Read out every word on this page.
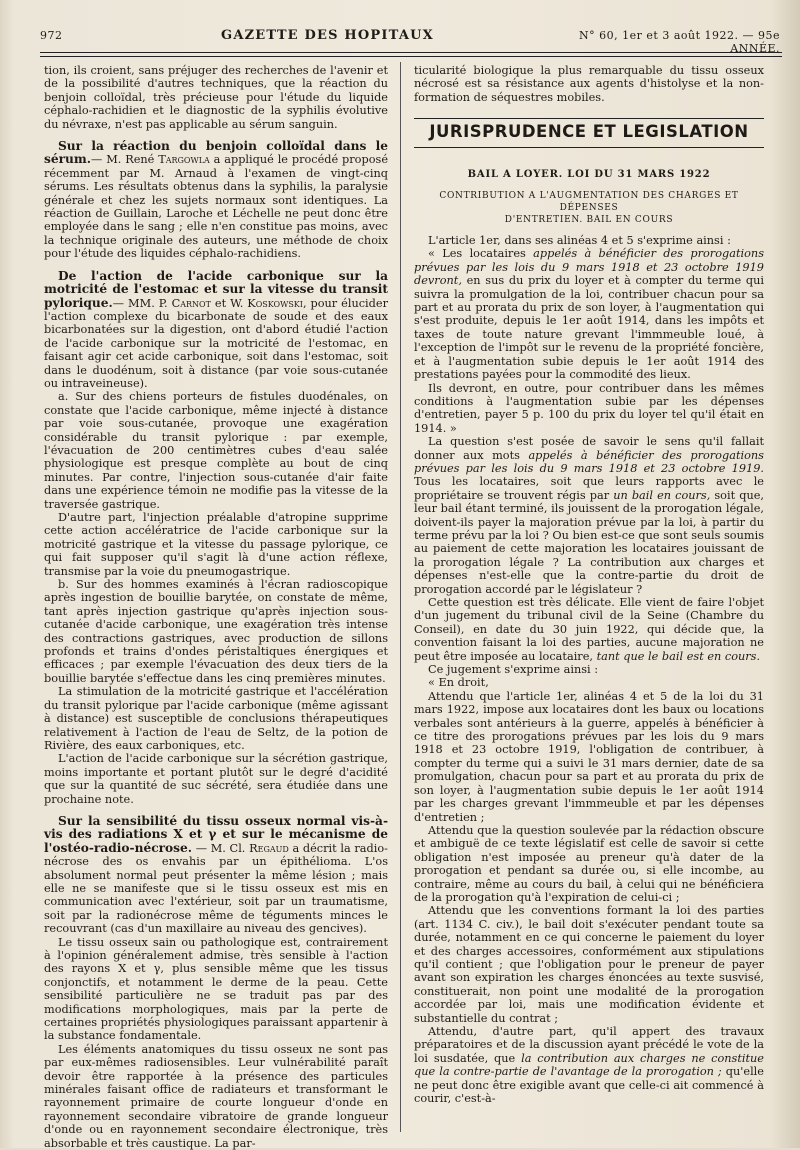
972	GAZETTE DES HOPITAUX	N° 60, 1er et 3 août 1922. — 95e ANNÉE.

tion, ils croient, sans préjuger des recherches de l'avenir et de la possibilité d'autres techniques, que la réaction du benjoin colloïdal, très précieuse pour l'étude du liquide céphalo-rachidien et le diagnostic de la syphilis évolutive du névraxe, n'est pas applicable au sérum sanguin.

Sur la réaction du benjoin colloïdal dans le sérum.— M. René Targowla a appliqué le procédé proposé récemment par M. Arnaud à l'examen de vingt-cinq sérums. Les résultats obtenus dans la syphilis, la paralysie générale et chez les sujets normaux sont identiques. La réaction de Guillain, Laroche et Léchelle ne peut donc être employée dans le sang ; elle n'en constitue pas moins, avec la technique originale des auteurs, une méthode de choix pour l'étude des liquides céphalo-rachidiens.

De l'action de l'acide carbonique sur la motricité de l'estomac et sur la vitesse du transit pylorique.— MM. P. Carnot et W. Koskowski, pour élucider l'action complexe du bicarbonate de soude et des eaux bicarbonatées sur la digestion, ont d'abord étudié l'action de l'acide carbonique sur la motricité de l'estomac, en faisant agir cet acide carbonique, soit dans l'estomac, soit dans le duodénum, soit à distance (par voie sous-cutanée ou intraveineuse).

a. Sur des chiens porteurs de fistules duodénales, on constate que l'acide carbonique, même injecté à distance par voie sous-cutanée, provoque une exagération considérable du transit pylorique : par exemple, l'évacuation de 200 centimètres cubes d'eau salée physiologique est presque complète au bout de cinq minutes. Par contre, l'injection sous-cutanée d'air faite dans une expérience témoin ne modifie pas la vitesse de la traversée gastrique.

D'autre part, l'injection préalable d'atropine supprime cette action accélératrice de l'acide carbonique sur la motricité gastrique et la vitesse du passage pylorique, ce qui fait supposer qu'il s'agit là d'une action réflexe, transmise par la voie du pneumogastrique.

b. Sur des hommes examinés à l'écran radioscopique après ingestion de bouillie barytée, on constate de même, tant après injection gastrique qu'après injection sous-cutanée d'acide carbonique, une exagération très intense des contractions gastriques, avec production de sillons profonds et trains d'ondes péristaltiques énergiques et efficaces ; par exemple l'évacuation des deux tiers de la bouillie barytée s'effectue dans les cinq premières minutes.

La stimulation de la motricité gastrique et l'accélération du transit pylorique par l'acide carbonique (même agissant à distance) est susceptible de conclusions thérapeutiques relativement à l'action de l'eau de Seltz, de la potion de Rivière, des eaux carboniques, etc.

L'action de l'acide carbonique sur la sécrétion gastrique, moins importante et portant plutôt sur le degré d'acidité que sur la quantité de suc sécrété, sera étudiée dans une prochaine note.

Sur la sensibilité du tissu osseux normal vis-à-vis des radiations X et γ et sur le mécanisme de l'ostéo-radio-nécrose. — M. Cl. Regaud a décrit la radio-nécrose des os envahis par un épithélioma. L'os absolument normal peut présenter la même lésion ; mais elle ne se manifeste que si le tissu osseux est mis en communication avec l'extérieur, soit par un traumatisme, soit par la radionécrose même de téguments minces le recouvrant (cas d'un maxillaire au niveau des gencives).

Le tissu osseux sain ou pathologique est, contrairement à l'opinion généralement admise, très sensible à l'action des rayons X et γ, plus sensible même que les tissus conjonctifs, et notamment le derme de la peau. Cette sensibilité particulière ne se traduit pas par des modifications morphologiques, mais par la perte de certaines propriétés physiologiques paraissant appartenir à la substance fondamentale.

Les éléments anatomiques du tissu osseux ne sont pas par eux-mêmes radiosensibles. Leur vulnérabilité paraît devoir être rapportée à la présence des particules minérales faisant office de radiateurs et transformant le rayonnement primaire de courte longueur d'onde en rayonnement secondaire vibratoire de grande longueur d'onde ou en rayonnement secondaire électronique, très absorbable et très caustique. La par-

ticularité biologique la plus remarquable du tissu osseux nécrosé est sa résistance aux agents d'histolyse et la non-formation de séquestres mobiles.

JURISPRUDENCE ET LEGISLATION
BAIL A LOYER. LOI DU 31 MARS 1922
CONTRIBUTION A L'AUGMENTATION DES CHARGES ET DÉPENSES
D'ENTRETIEN. BAIL EN COURS

L'article 1er, dans ses alinéas 4 et 5 s'exprime ainsi :

« Les locataires appelés à bénéficier des prorogations prévues par les lois du 9 mars 1918 et 23 octobre 1919 devront, en sus du prix du loyer et à compter du terme qui suivra la promulgation de la loi, contribuer chacun pour sa part et au prorata du prix de son loyer, à l'augmentation qui s'est produite, depuis le 1er août 1914, dans les impôts et taxes de toute nature grevant l'immmeuble loué, à l'exception de l'impôt sur le revenu de la propriété foncière, et à l'augmentation subie depuis le 1er août 1914 des prestations payées pour la commodité des lieux.

Ils devront, en outre, pour contribuer dans les mêmes conditions à l'augmentation subie par les dépenses d'entretien, payer 5 p. 100 du prix du loyer tel qu'il était en 1914. »

La question s'est posée de savoir le sens qu'il fallait donner aux mots appelés à bénéficier des prorogations prévues par les lois du 9 mars 1918 et 23 octobre 1919. Tous les locataires, soit que leurs rapports avec le propriétaire se trouvent régis par un bail en cours, soit que, leur bail étant terminé, ils jouissent de la prorogation légale, doivent-ils payer la majoration prévue par la loi, à partir du terme prévu par la loi ? Ou bien est-ce que sont seuls soumis au paiement de cette majoration les locataires jouissant de la prorogation légale ? La contribution aux charges et dépenses n'est-elle que la contre-partie du droit de prorogation accordé par le législateur ?

Cette question est très délicate. Elle vient de faire l'objet d'un jugement du tribunal civil de la Seine (Chambre du Conseil), en date du 30 juin 1922, qui décide que, la convention faisant la loi des parties, aucune majoration ne peut être imposée au locataire, tant que le bail est en cours.

Ce jugement s'exprime ainsi :

« En droit,

Attendu que l'article 1er, alinéas 4 et 5 de la loi du 31 mars 1922, impose aux locataires dont les baux ou locations verbales sont antérieurs à la guerre, appelés à bénéficier à ce titre des prorogations prévues par les lois du 9 mars 1918 et 23 octobre 1919, l'obligation de contribuer, à compter du terme qui a suivi le 31 mars dernier, date de sa promulgation, chacun pour sa part et au prorata du prix de son loyer, à l'augmentation subie depuis le 1er août 1914 par les charges grevant l'immmeuble et par les dépenses d'entretien ;

Attendu que la question soulevée par la rédaction obscure et ambiguë de ce texte législatif est celle de savoir si cette obligation n'est imposée au preneur qu'à dater de la prorogation et pendant sa durée ou, si elle incombe, au contraire, même au cours du bail, à celui qui ne bénéficiera de la prorogation qu'à l'expiration de celui-ci ;

Attendu que les conventions formant la loi des parties (art. 1134 C. civ.), le bail doit s'exécuter pendant toute sa durée, notamment en ce qui concerne le paiement du loyer et des charges accessoires, conformément aux stipulations qu'il contient ; que l'obligation pour le preneur de payer avant son expiration les charges énoncées au texte susvisé, constituerait, non point une modalité de la prorogation accordée par loi, mais une modification évidente et substantielle du contrat ;

Attendu, d'autre part, qu'il appert des travaux préparatoires et de la discussion ayant précédé le vote de la loi susdatée, que la contribution aux charges ne constitue que la contre-partie de l'avantage de la prorogation ; qu'elle ne peut donc être exigible avant que celle-ci ait commencé à courir, c'est-à-
